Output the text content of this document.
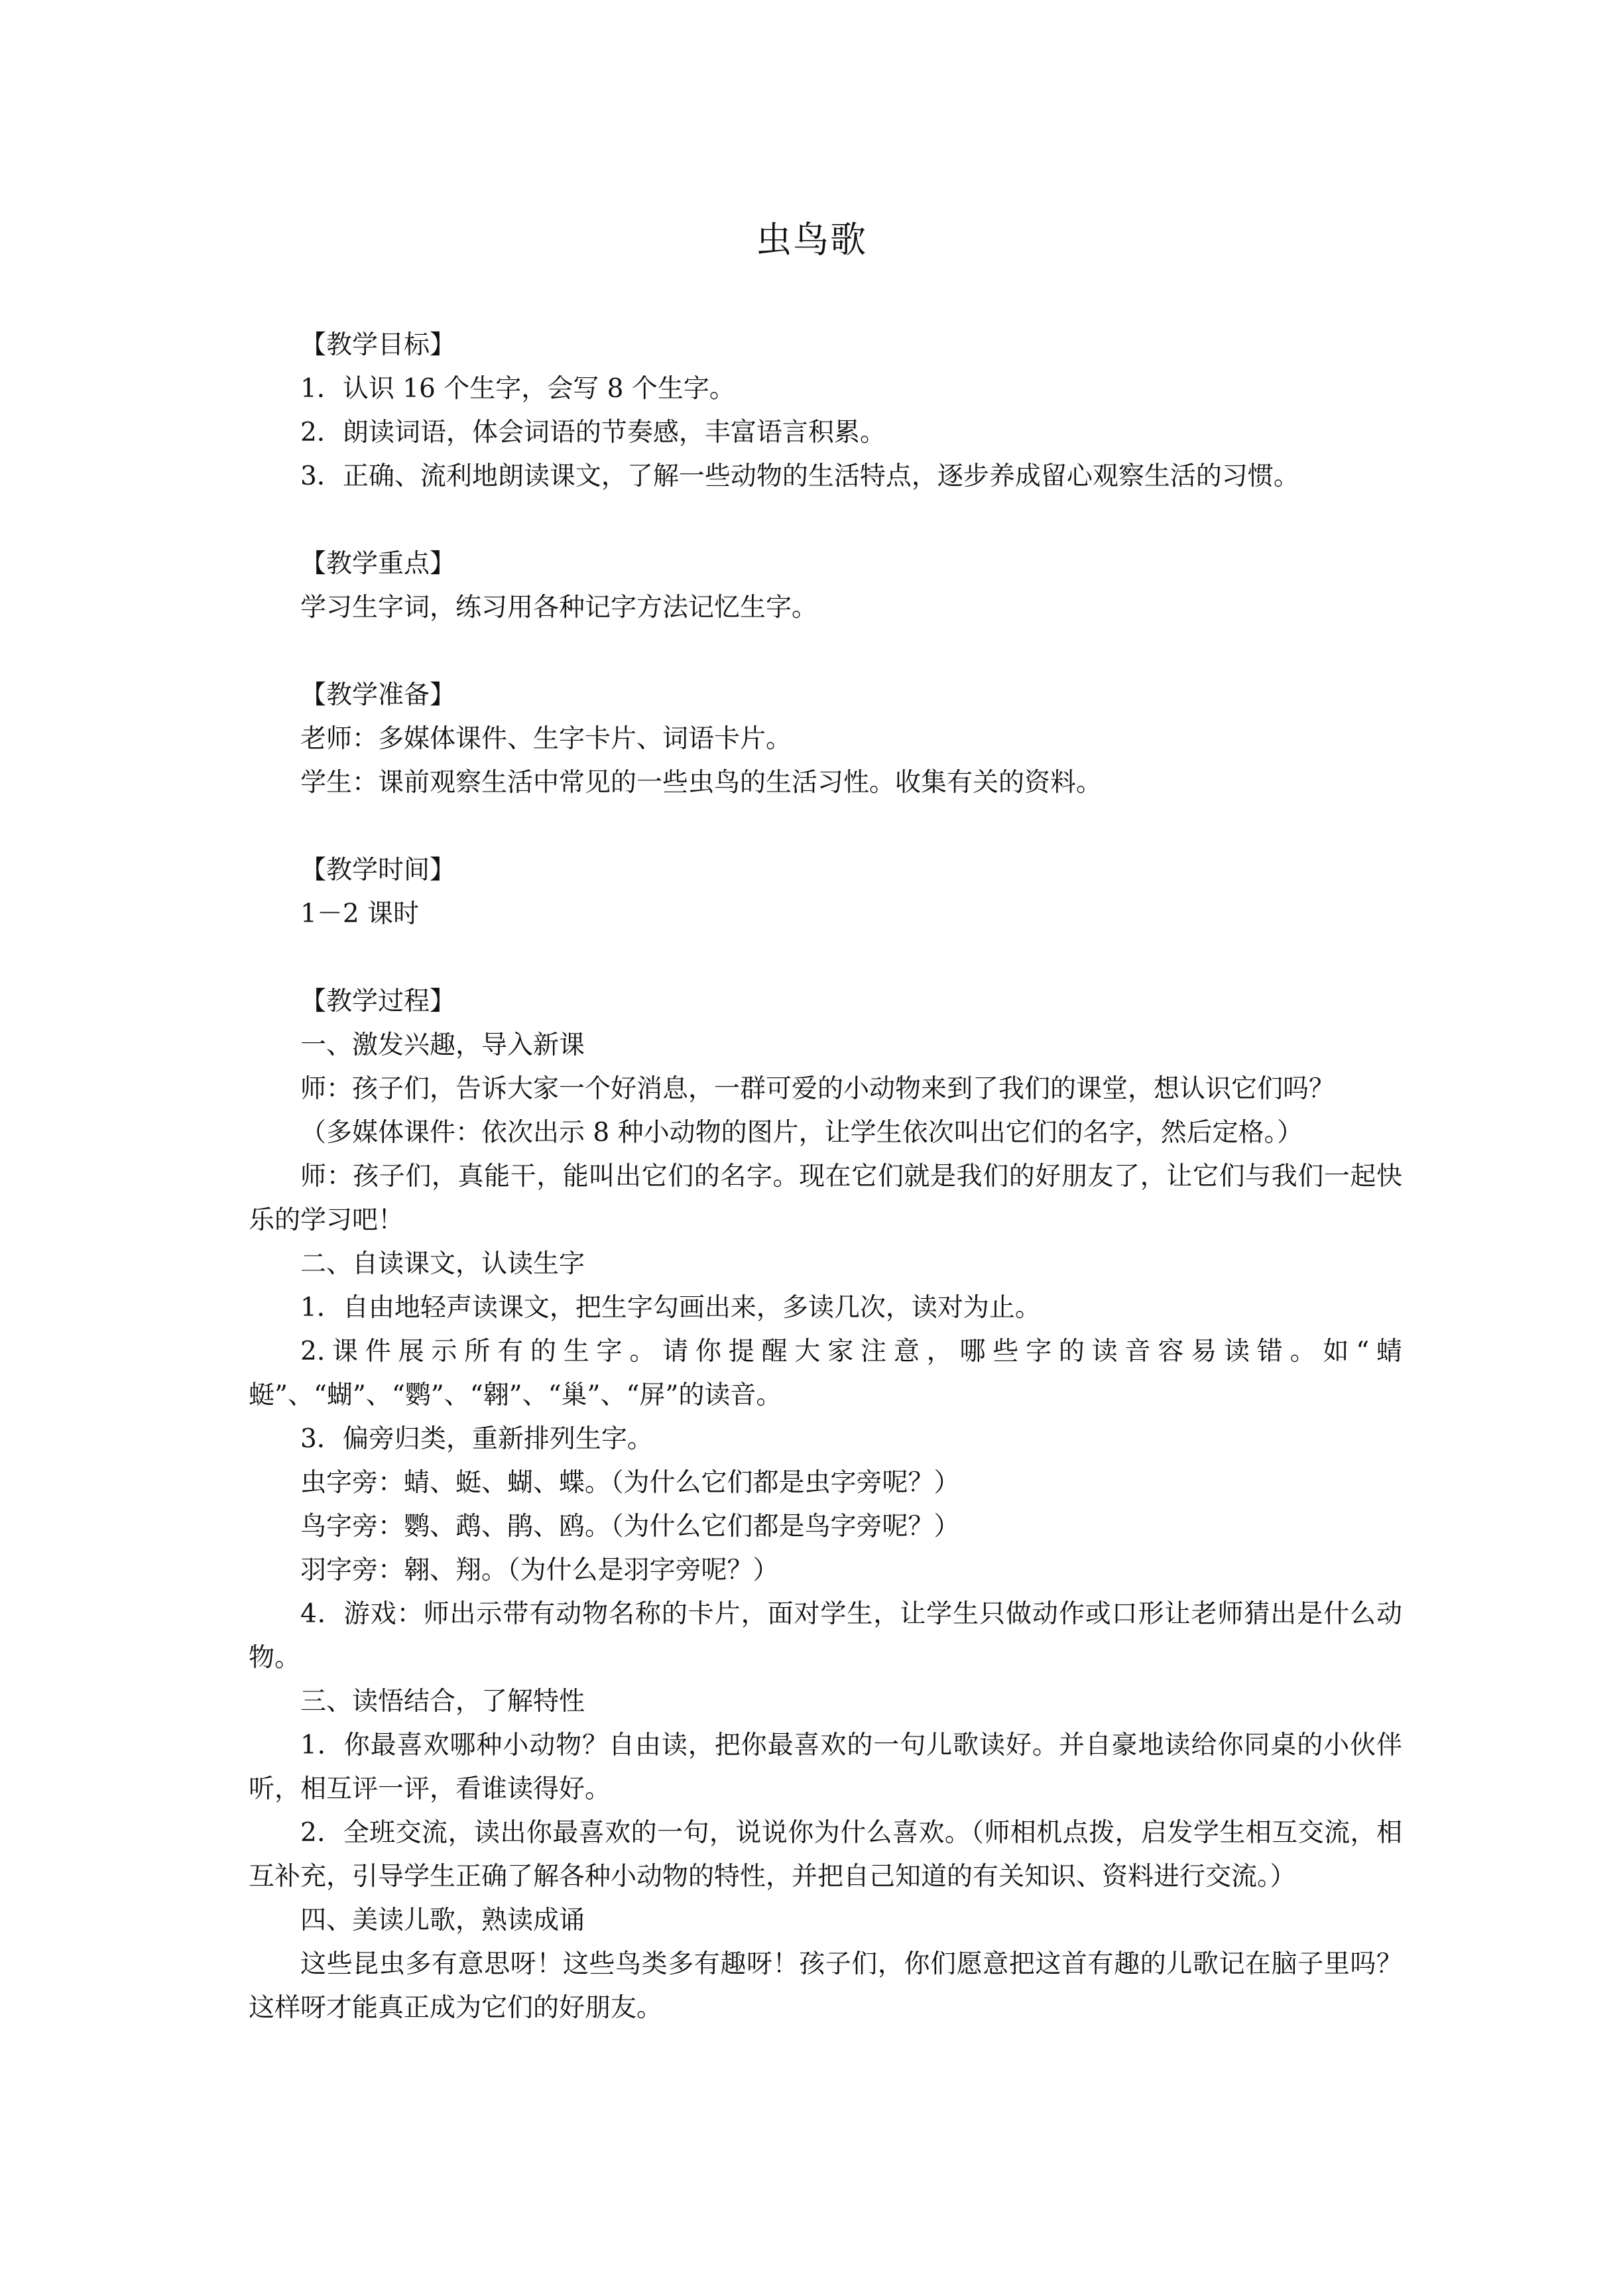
虫鸟歌

【教学目标】

1．认识 16 个生字，会写 8 个生字。

2．朗读词语，体会词语的节奏感，丰富语言积累。

3．正确、流利地朗读课文，了解一些动物的生活特点，逐步养成留心观察生活的习惯。

【教学重点】

学习生字词，练习用各种记字方法记忆生字。

【教学准备】

老师：多媒体课件、生字卡片、词语卡片。

学生：课前观察生活中常见的一些虫鸟的生活习性。收集有关的资料。

【教学时间】

1－2 课时

【教学过程】

一、激发兴趣，导入新课

师：孩子们，告诉大家一个好消息，一群可爱的小动物来到了我们的课堂，想认识它们吗？

（多媒体课件：依次出示 8 种小动物的图片，让学生依次叫出它们的名字，然后定格。）

师：孩子们，真能干，能叫出它们的名字。现在它们就是我们的好朋友了，让它们与我们一起快乐的学习吧！

二、自读课文，认读生字

1．自由地轻声读课文，把生字勾画出来，多读几次，读对为止。

2.课件展示所有的生字。请你提醒大家注意，哪些字的读音容易读错。如“蜻蜓”、“蝴”、“鹦”、“翱”、“巢”、“屏”的读音。

3．偏旁归类，重新排列生字。

虫字旁：蜻、蜓、蝴、蝶。（为什么它们都是虫字旁呢？）

鸟字旁：鹦、鹉、鹃、鸥。（为什么它们都是鸟字旁呢？）

羽字旁：翱、翔。（为什么是羽字旁呢？）

4．游戏：师出示带有动物名称的卡片，面对学生，让学生只做动作或口形让老师猜出是什么动物。

三、读悟结合，了解特性

1．你最喜欢哪种小动物？自由读，把你最喜欢的一句儿歌读好。并自豪地读给你同桌的小伙伴听，相互评一评，看谁读得好。

2．全班交流，读出你最喜欢的一句，说说你为什么喜欢。（师相机点拨，启发学生相互交流，相互补充，引导学生正确了解各种小动物的特性，并把自己知道的有关知识、资料进行交流。）

四、美读儿歌，熟读成诵

这些昆虫多有意思呀！这些鸟类多有趣呀！孩子们，你们愿意把这首有趣的儿歌记在脑子里吗？这样呀才能真正成为它们的好朋友。
